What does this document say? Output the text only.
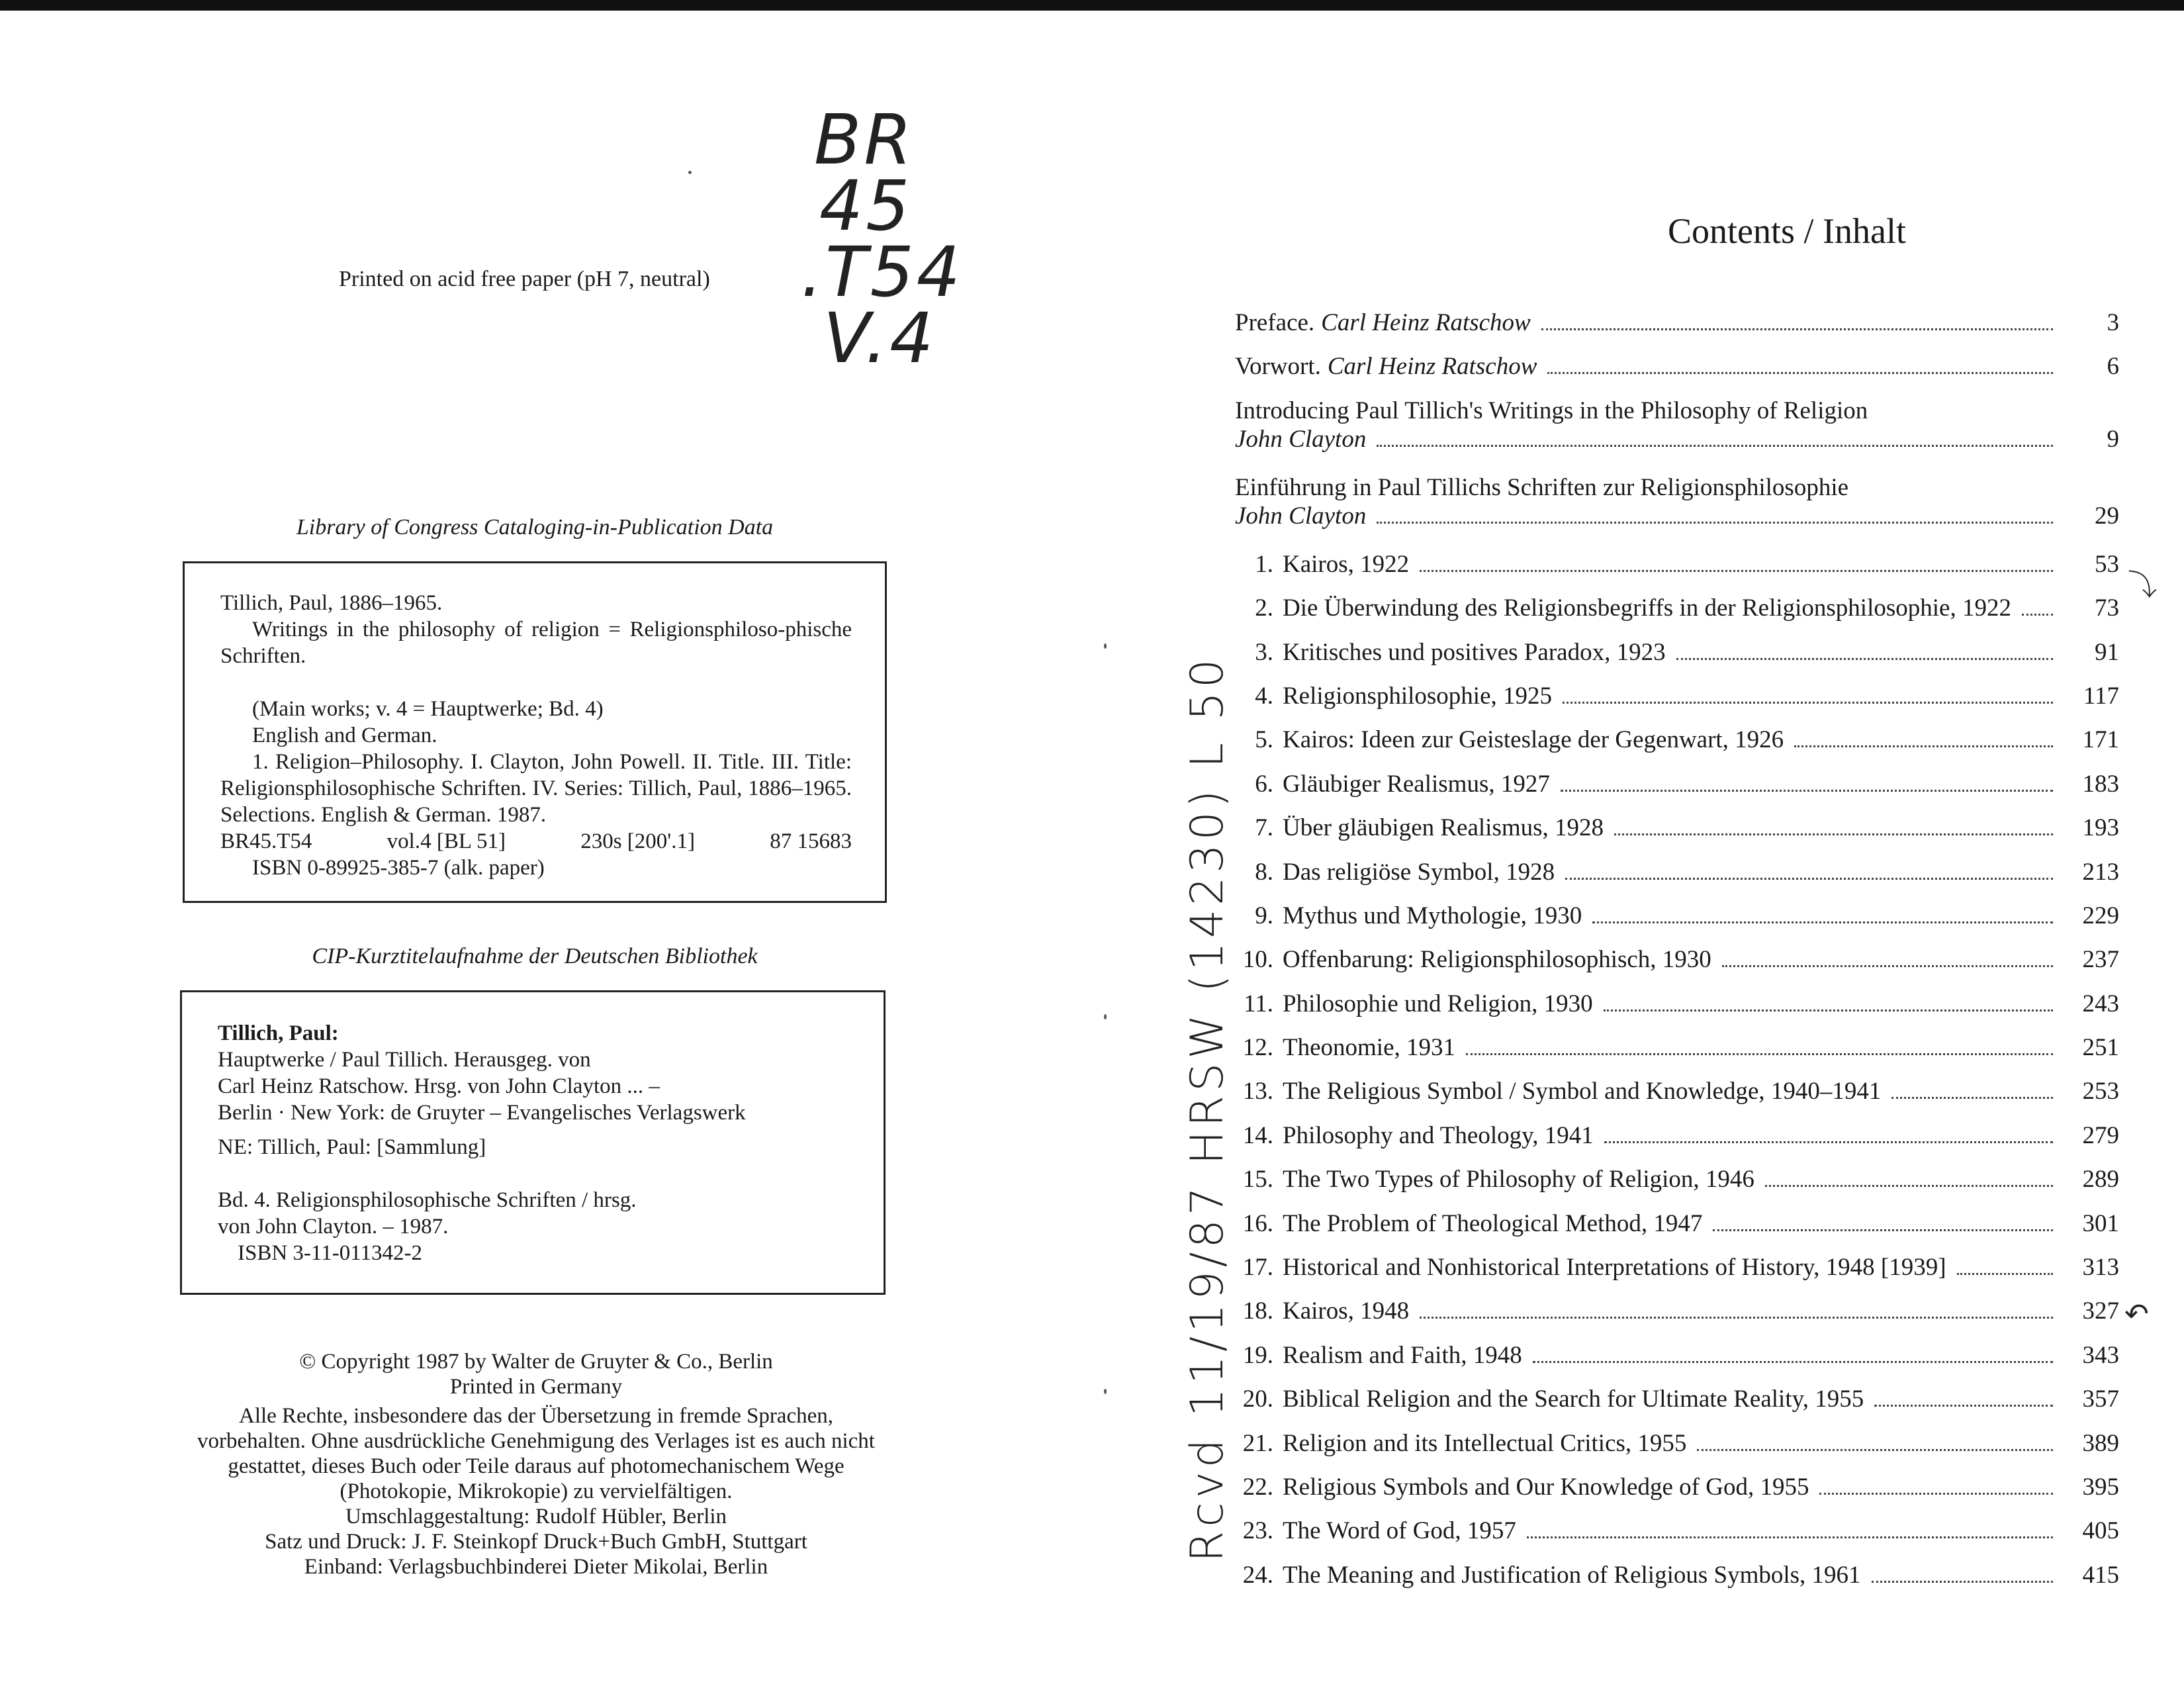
Printed on acid free paper (pH 7, neutral)
BR
45
.T54
V.4
Library of Congress Cataloging-in-Publication Data

Tillich, Paul, 1886–1965.

Writings in the philosophy of religion = Religionsphiloso-phische Schriften.

(Main works; v. 4 = Hauptwerke; Bd. 4)

English and German.

1. Religion–Philosophy. I. Clayton, John Powell. II. Title. III. Title: Religionsphilosophische Schriften. IV. Series: Tillich, Paul, 1886–1965. Selections. English & German. 1987.

BR45.T54	vol.4 [BL 51]	230s [200'.1]	87 15683

ISBN 0-89925-385-7 (alk. paper)

CIP-Kurztitelaufnahme der Deutschen Bibliothek

Tillich, Paul:

Hauptwerke / Paul Tillich. Herausgeg. von

Carl Heinz Ratschow. Hrsg. von John Clayton ... –

Berlin · New York: de Gruyter – Evangelisches Verlagswerk

NE: Tillich, Paul: [Sammlung]

Bd. 4. Religionsphilosophische Schriften / hrsg.

von John Clayton. – 1987.

ISBN 3-11-011342-2

© Copyright 1987 by Walter de Gruyter & Co., Berlin

Printed in Germany

Alle Rechte, insbesondere das der Übersetzung in fremde Sprachen,

vorbehalten. Ohne ausdrückliche Genehmigung des Verlages ist es auch nicht

gestattet, dieses Buch oder Teile daraus auf photomechanischem Wege

(Photokopie, Mikrokopie) zu vervielfältigen.

Umschlaggestaltung: Rudolf Hübler, Berlin

Satz und Druck: J. F. Steinkopf Druck+Buch GmbH, Stuttgart

Einband: Verlagsbuchbinderei Dieter Mikolai, Berlin

Contents / Inhalt
Preface. Carl Heinz Ratschow	3
Vorwort. Carl Heinz Ratschow	6
Introducing Paul Tillich's Writings in the Philosophy of Religion
John Clayton	9
Einführung in Paul Tillichs Schriften zur Religionsphilosophie
John Clayton	29
1. Kairos, 1922	53
2. Die Überwindung des Religionsbegriffs in der Religionsphilosophie, 1922	73
3. Kritisches und positives Paradox, 1923	91
4. Religionsphilosophie, 1925	117
5. Kairos: Ideen zur Geisteslage der Gegenwart, 1926	171
6. Gläubiger Realismus, 1927	183
7. Über gläubigen Realismus, 1928	193
8. Das religiöse Symbol, 1928	213
9. Mythus und Mythologie, 1930	229
10. Offenbarung: Religionsphilosophisch, 1930	237
11. Philosophie und Religion, 1930	243
12. Theonomie, 1931	251
13. The Religious Symbol / Symbol and Knowledge, 1940–1941	253
14. Philosophy and Theology, 1941	279
15. The Two Types of Philosophy of Religion, 1946	289
16. The Problem of Theological Method, 1947	301
17. Historical and Nonhistorical Interpretations of History, 1948 [1939]	313
18. Kairos, 1948	327
19. Realism and Faith, 1948	343
20. Biblical Religion and the Search for Ultimate Reality, 1955	357
21. Religion and its Intellectual Critics, 1955	389
22. Religious Symbols and Our Knowledge of God, 1955	395
23. The Word of God, 1957	405
24. The Meaning and Justification of Religious Symbols, 1961	415
Rcvd 11/19/87 HRSW (14230) L 50
⤵
↶
